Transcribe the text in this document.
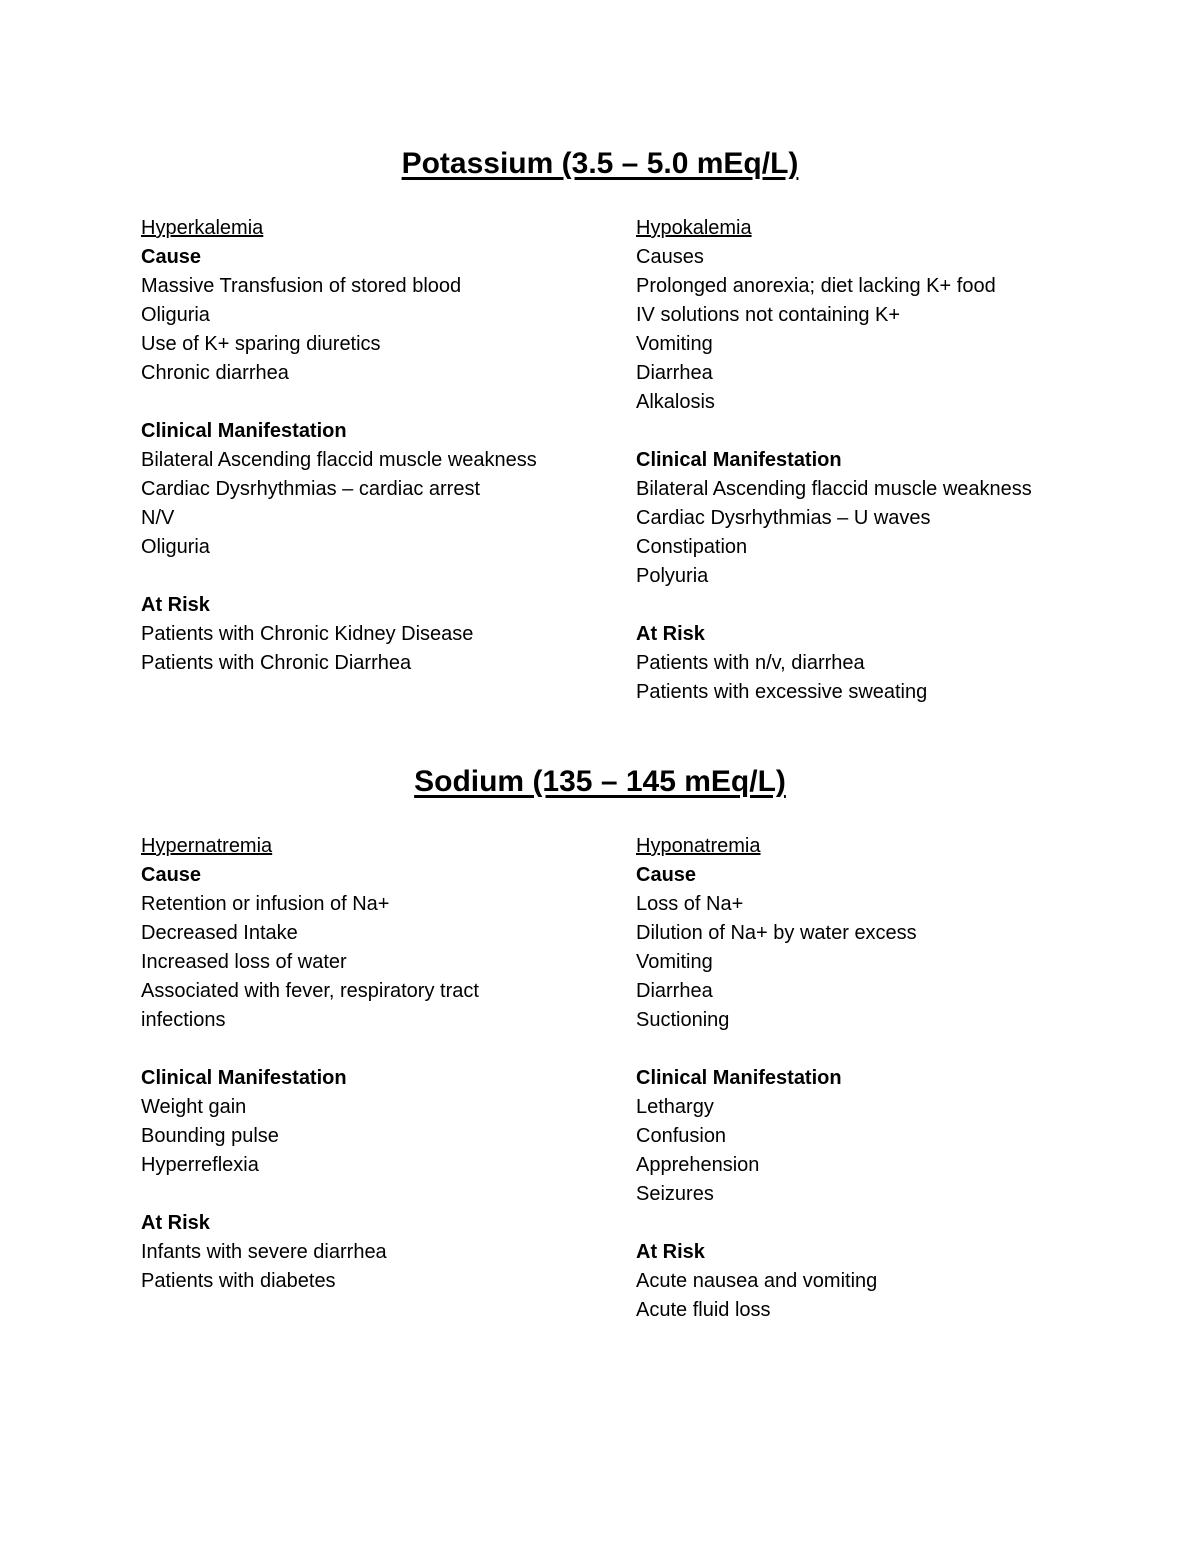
Potassium (3.5 – 5.0 mEq/L)
Hyperkalemia
Cause
Massive Transfusion of stored blood
Oliguria
Use of K+ sparing diuretics
Chronic diarrhea
Clinical Manifestation
Bilateral Ascending flaccid muscle weakness
Cardiac Dysrhythmias – cardiac arrest
N/V
Oliguria
At Risk
Patients with Chronic Kidney Disease
Patients with Chronic Diarrhea
Hypokalemia
Causes
Prolonged anorexia; diet lacking K+ food
IV solutions not containing K+
Vomiting
Diarrhea
Alkalosis
Clinical Manifestation
Bilateral Ascending flaccid muscle weakness
Cardiac Dysrhythmias – U waves
Constipation
Polyuria
At Risk
Patients with n/v, diarrhea
Patients with excessive sweating
Sodium (135 – 145 mEq/L)
Hypernatremia
Cause
Retention or infusion of Na+
Decreased Intake
Increased loss of water
Associated with fever, respiratory tract infections
Clinical Manifestation
Weight gain
Bounding pulse
Hyperreflexia
At Risk
Infants with severe diarrhea
Patients with diabetes
Hyponatremia
Cause
Loss of Na+
Dilution of Na+ by water excess
Vomiting
Diarrhea
Suctioning
Clinical Manifestation
Lethargy
Confusion
Apprehension
Seizures
At Risk
Acute nausea and vomiting
Acute fluid loss
